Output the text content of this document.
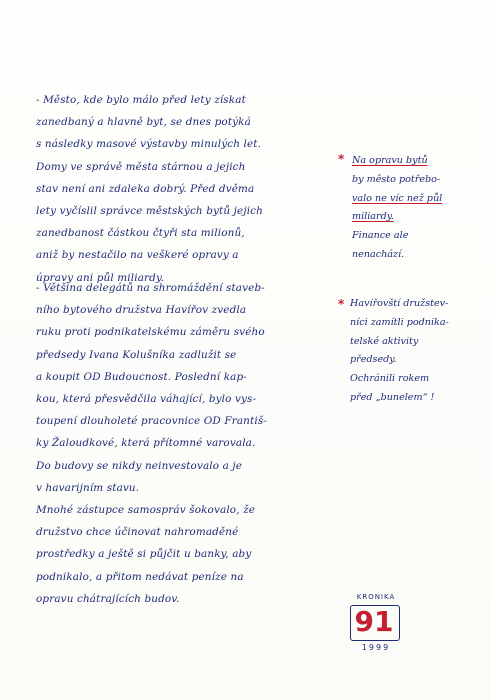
- Město, kde bylo málo před lety získat
zanedbaný a hlavně byt, se dnes potýká
s následky masové výstavby minulých let.
Domy ve správě města stárnou a jejich
stav není ani zdaleka dobrý. Před dvěma
lety vyčíslil správce městských bytů jejich
zanedbanost částkou čtyři sta milionů,
aniž by nestačilo na veškeré opravy a
úpravy ani půl miliardy.
* Na opravu bytů
by město potřebo-
valo ne víc než půl
miliardy.
Finance ale
nenachází.
- Většina delegátů na shromáždění staveb-
ního bytového družstva Havířov zvedla
ruku proti podnikatelskému záměru svého
předsedy Ivana Kolušníka zadlužit se
a koupit OD Budoucnost. Poslední kap-
kou, která přesvědčila váhající, bylo vys-
toupení dlouholeté pracovnice OD Františ-
ky Žaloudkové, která přítomné varovala.
Do budovy se nikdy neinvestovalo a je
v havarijním stavu.
Mnohé zástupce samospráv šokovalo, že
družstvo chce účinovat nahromaděné
prostředky a ještě si půjčit u banky, aby
podnikalo, a přitom nedávat peníze na
opravu chátrajících budov.
* Havířovští družstev-
níci zamítli podnika-
telské aktivity
předsedy.
Ochránili rokem
před „bunelem“ !
KRONIKA
91
1999
